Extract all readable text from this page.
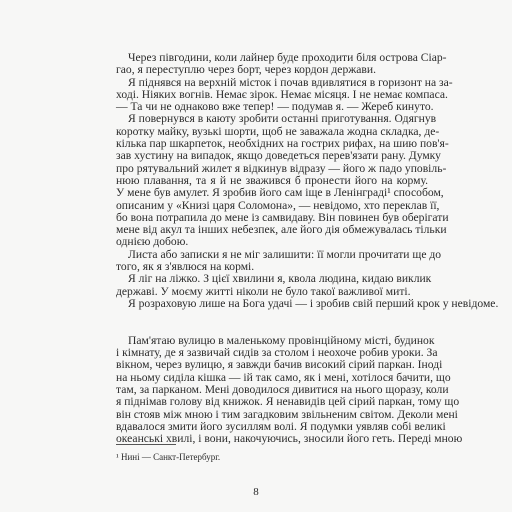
Через півгодини, коли лайнер буде проходити біля острова Сіар-
гао, я переступлю через борт, через кордон держави.
Я піднявся на верхній місток і почав вдивлятися в горизонт на за-
ході. Ніяких вогнів. Немає зірок. Немає місяця. І не немає компаса.
— Та чи не однаково вже тепер! — подумав я. — Жереб кинуто.
Я повернувся в каюту зробити останні приготування. Одягнув
коротку майку, вузькі шорти, щоб не заважала жодна складка, де-
кілька пар шкарпеток, необхідних на гострих рифах, на шию пов'я-
зав хустину на випадок, якщо доведеться перев'язати рану. Думку
про рятувальний жилет я відкинув відразу — його ж падо уповіль-
нюю плавання, та я й не зважився б пронести його на корму.
У мене був амулет. Я зробив його сам іще в Ленінграді¹ способом,
описаним у «Книзі царя Соломона», — невідомо, хто переклав її,
бо вона потрапила до мене із самвидаву. Він повинен був оберігати
мене від акул та інших небезпек, але його дія обмежувалась тільки
однією добою.
Листа або записки я не міг залишити: її могли прочитати ще до
того, як я з'явлюся на кормі.
Я ліг на ліжко. З цієї хвилини я, квола людина, кидаю виклик
державі. У моєму житті ніколи не було такої важливої миті.
Я розраховую лише на Бога удачі — і зробив свій перший крок у невідоме.
Пам'ятаю вулицю в маленькому провінційному місті, будинок
і кімнату, де я зазвичай сидів за столом і неохоче робив уроки. За
вікном, через вулицю, я завжди бачив високий сірий паркан. Іноді
на ньому сиділа кішка — ій так само, як і мені, хотілося бачити, що
там, за парканом. Мені доводилося дивитися на нього щоразу, коли
я піднімав голову від книжок. Я ненавидів цей сірий паркан, тому що
він стояв між мною і тим загадковим звільненим світом. Деколи мені
вдавалося змити його зусиллям волі. Я подумки уявляв собі великі
океанські хвилі, і вони, накочуючись, зносили його геть. Переді мною
¹ Нині — Санкт-Петербург.
8
